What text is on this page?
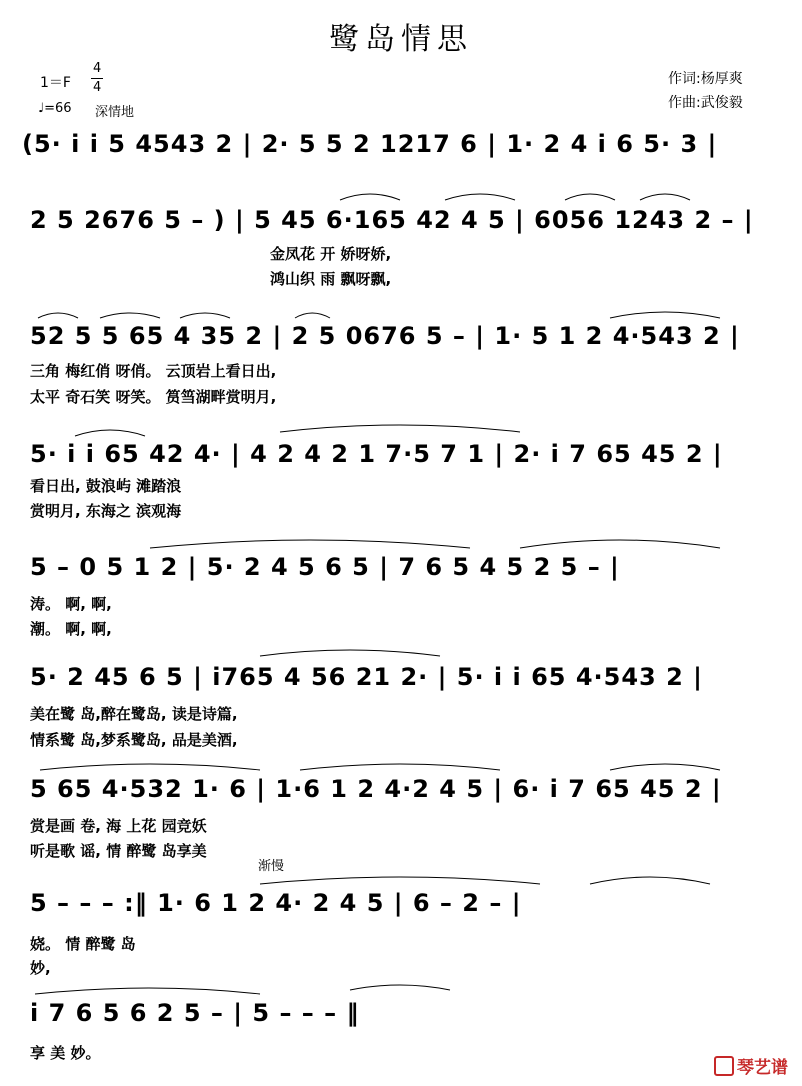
鹭岛情思
1＝F
4
4
♩=66 深情地
作词:杨厚爽
作曲:武俊毅
(5· i i 5 4543 2 | 2· 5 5 2 1217 6 | 1· 2 4 i 6 5· 3 |
2 5 2676 5 – ) | 5 45 6·165 42 4 5 | 6056 1243 2 – |
金凤花 开 娇呀娇,
鸿山织 雨 飘呀飘,
52 5 5 65 4 35 2 | 2 5 0676 5 – | 1· 5 1 2 4·543 2 |
三角 梅红俏 呀俏。 云顶岩上看日出,
太平 奇石笑 呀笑。 筼筜湖畔赏明月,
5· i i 65 42 4· | 4 2 4 2 1 7·5 7 1 | 2· i 7 65 45 2 |
看日出, 鼓浪屿 滩踏浪
赏明月, 东海之 滨观海
5 – 0 5 1 2 | 5· 2 4 5 6 5 | 7 6 5 4 5 2 5 – |
涛。 啊, 啊,
潮。 啊, 啊,
5· 2 45 6 5 | i765 4 56 21 2· | 5· i i 65 4·543 2 |
美在鹭 岛,醉在鹭岛, 读是诗篇,
情系鹭 岛,梦系鹭岛, 品是美酒,
5 65 4·532 1· 6 | 1·6 1 2 4·2 4 5 | 6· i 7 65 45 2 |
赏是画 卷, 海 上花 园竞妖
听是歌 谣, 情 醉鹭 岛享美
渐慢
5 – – – :‖ 1· 6 1 2 4· 2 4 5 | 6 – 2 – |
娆。 情 醉鹭 岛
妙,
i 7 6 5 6 2 5 – | 5 – – – ‖
享 美 妙。
琴艺谱
